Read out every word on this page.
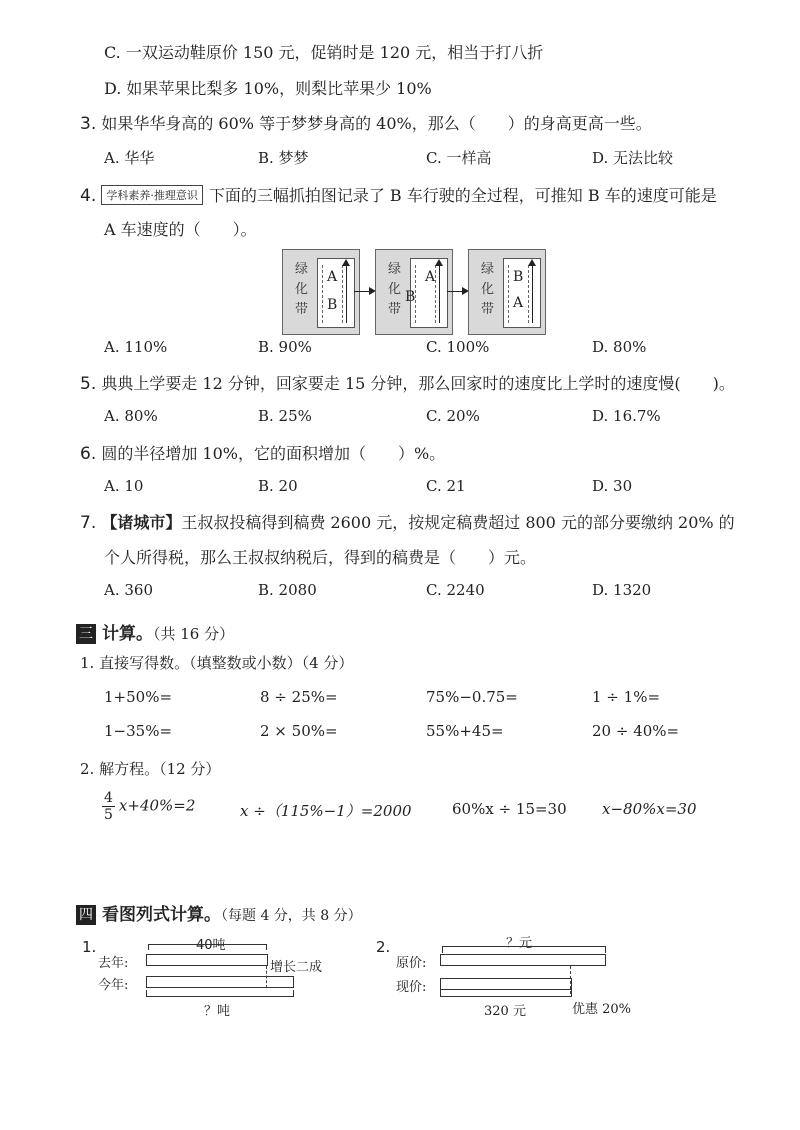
C. 一双运动鞋原价 150 元，促销时是 120 元，相当于打八折
D. 如果苹果比梨多 10%，则梨比苹果少 10%
3. 如果华华身高的 60% 等于梦梦身高的 40%，那么（　　）的身高更高一些。
A. 华华	B. 梦梦	C. 一样高	D. 无法比较
4. 学科素养·推理意识 下面的三幅抓拍图记录了 B 车行驶的全过程，可推知 B 车的速度可能是
A 车速度的（　　）。
绿
化
带
A
B
绿
化
带
A
B
绿
化
带
B
A
A. 110%	B. 90%	C. 100%	D. 80%
5. 典典上学要走 12 分钟，回家要走 15 分钟，那么回家时的速度比上学时的速度慢(　　)。
A. 80%	B. 25%	C. 20%	D. 16.7%
6. 圆的半径增加 10%，它的面积增加（　　）%。
A. 10	B. 20	C. 21	D. 30
7. 【诸城市】王叔叔投稿得到稿费 2600 元，按规定稿费超过 800 元的部分要缴纳 20% 的
个人所得税，那么王叔叔纳税后，得到的稿费是（　　）元。
A. 360	B. 2080	C. 2240	D. 1320
三 计算。（共 16 分）
1. 直接写得数。（填整数或小数）（4 分）
1+50%=	8 ÷ 25%=	75%−0.75=	1 ÷ 1%=
1−35%=	2 × 50%=	55%+45=	20 ÷ 40%=
2. 解方程。（12 分）
$\frac{4}{5} x+40\%=2$	x ÷（115%−1）=2000	60%x ÷ 15=30 x−80%x=30
四 看图列式计算。（每题 4 分，共 8 分）
1.	40吨
去年:	增长二成
今年:
？吨
2.	？元
原价:
现价:
320 元	优惠 20%
